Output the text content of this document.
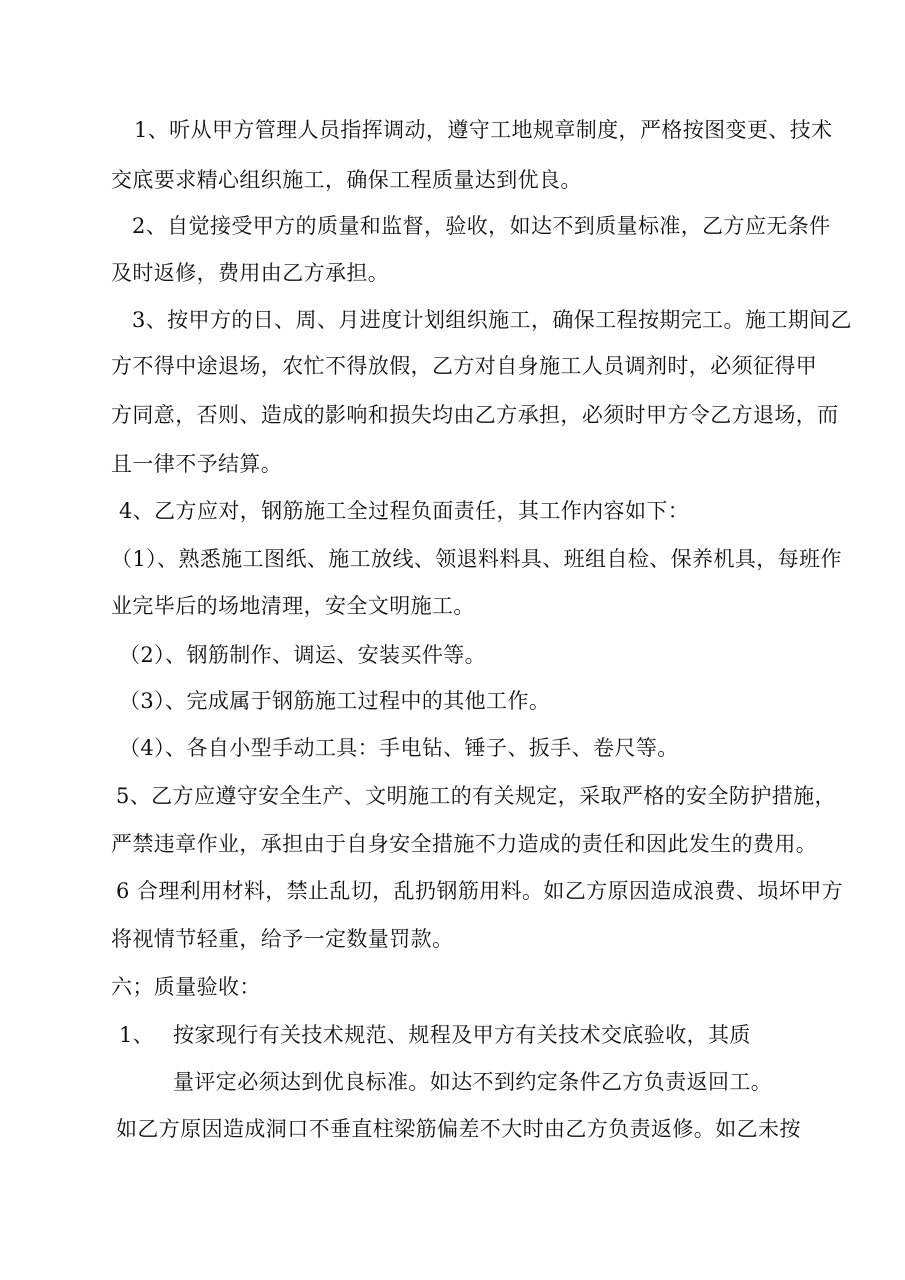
1、听从甲方管理人员指挥调动，遵守工地规章制度，严格按图变更、技术
交底要求精心组织施工，确保工程质量达到优良。
2、自觉接受甲方的质量和监督，验收，如达不到质量标准，乙方应无条件
及时返修，费用由乙方承担。
3、按甲方的日、周、月进度计划组织施工，确保工程按期完工。施工期间乙
方不得中途退场，农忙不得放假，乙方对自身施工人员调剂时，必须征得甲
方同意，否则、造成的影响和损失均由乙方承担，必须时甲方令乙方退场，而
且一律不予结算。
4、乙方应对，钢筋施工全过程负面责任，其工作内容如下：
（1）、熟悉施工图纸、施工放线、领退料料具、班组自检、保养机具，每班作
业完毕后的场地清理，安全文明施工。
（2）、钢筋制作、调运、安装买件等。
（3）、完成属于钢筋施工过程中的其他工作。
（4）、各自小型手动工具：手电钻、锤子、扳手、卷尺等。
5、乙方应遵守安全生产、文明施工的有关规定，采取严格的安全防护措施，
严禁违章作业，承担由于自身安全措施不力造成的责任和因此发生的费用。
6 合理利用材料，禁止乱切，乱扔钢筋用料。如乙方原因造成浪费、埙坏甲方
将视情节轻重，给予一定数量罚款。
六；质量验收：
1、 按家现行有关技术规范、规程及甲方有关技术交底验收，其质
量评定必须达到优良标准。如达不到约定条件乙方负责返回工。
如乙方原因造成洞口不垂直柱梁筋偏差不大时由乙方负责返修。如乙未按
